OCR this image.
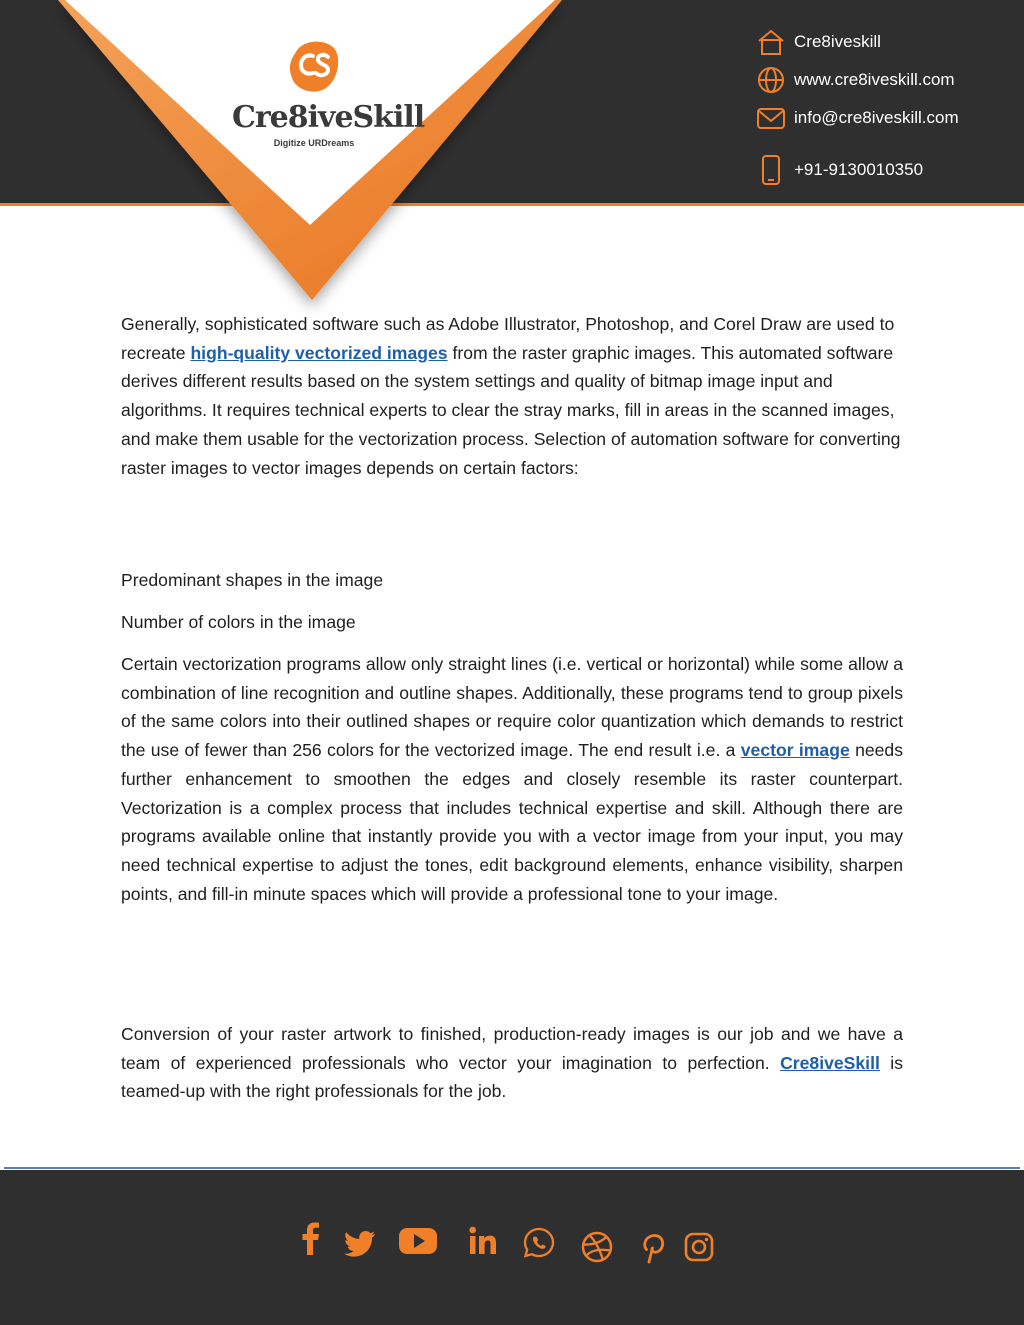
Cre8iveSkill
Digitize URDreams
Cre8iveskill
www.cre8iveskill.com
info@cre8iveskill.com
+91-9130010350

Generally, sophisticated software such as Adobe Illustrator, Photoshop, and Corel Draw are used to recreate high-quality vectorized images from the raster graphic images. This automated software derives different results based on the system settings and quality of bitmap image input and algorithms. It requires technical experts to clear the stray marks, fill in areas in the scanned images, and make them usable for the vectorization process. Selection of automation software for converting raster images to vector images depends on certain factors:

Predominant shapes in the image

Number of colors in the image

Certain vectorization programs allow only straight lines (i.e. vertical or horizontal) while some allow a combination of line recognition and outline shapes. Additionally, these programs tend to group pixels of the same colors into their outlined shapes or require color quantization which demands to restrict the use of fewer than 256 colors for the vectorized image. The end result i.e. a vector image needs further enhancement to smoothen the edges and closely resemble its raster counterpart. Vectorization is a complex process that includes technical expertise and skill. Although there are programs available online that instantly provide you with a vector image from your input, you may need technical expertise to adjust the tones, edit background elements, enhance visibility, sharpen points, and fill-in minute spaces which will provide a professional tone to your image.

Conversion of your raster artwork to finished, production-ready images is our job and we have a team of experienced professionals who vector your imagination to perfection. Cre8iveSkill is teamed-up with the right professionals for the job.
